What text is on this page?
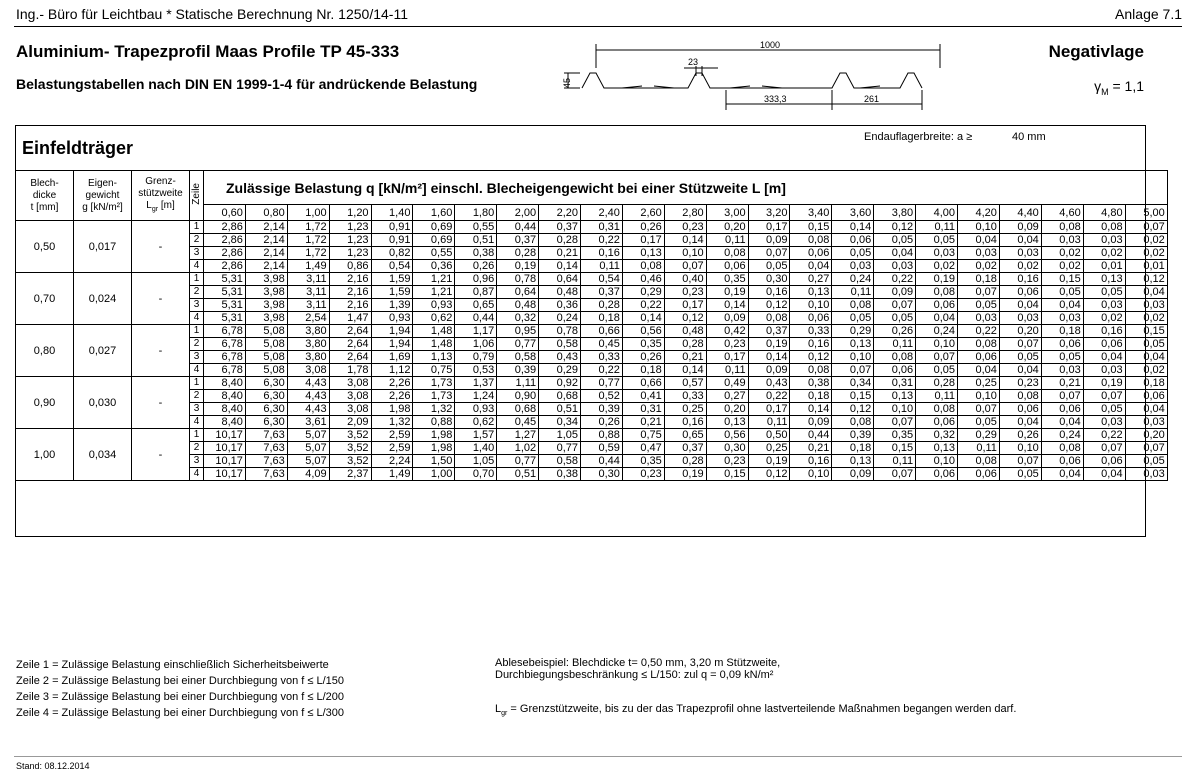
Ing.- Büro für Leichtbau * Statische Berechnung Nr. 1250/14-11	Anlage 7.1
Aluminium- Trapezprofil Maas Profile TP 45-333
Belastungstabellen nach DIN EN 1999-1-4 für andrückende Belastung
Negativlage
$\gamma_M = 1,1$
1000
23
45
333,3	261
Einfeldträger
Endauflagerbreite: a ≥	40 mm
Blech-
dicke
t [mm]	Eigen-
gewicht
g [kN/m²]	Grenz-
stützweite
$L_{gr}$ [m]	Zeile	Zulässige Belastung q [kN/m²] einschl. Blecheigengewicht bei einer Stützweite L [m]																						
				0,60	0,80	1,00	1,20	1,40	1,60	1,80	2,00	2,20	2,40	2,60	2,80	3,00	3,20	3,40	3,60	3,80	4,00	4,20	4,40	4,60	4,80	5,00
0,50	0,017	-	1	2,86	2,14	1,72	1,23	0,91	0,69	0,55	0,44	0,37	0,31	0,26	0,23	0,20	0,17	0,15	0,14	0,12	0,11	0,10	0,09	0,08	0,08	0,07
			2	2,86	2,14	1,72	1,23	0,91	0,69	0,51	0,37	0,28	0,22	0,17	0,14	0,11	0,09	0,08	0,06	0,05	0,05	0,04	0,04	0,03	0,03	0,02
			3	2,86	2,14	1,72	1,23	0,82	0,55	0,38	0,28	0,21	0,16	0,13	0,10	0,08	0,07	0,06	0,05	0,04	0,03	0,03	0,03	0,02	0,02	0,02
			4	2,86	2,14	1,49	0,86	0,54	0,36	0,26	0,19	0,14	0,11	0,08	0,07	0,06	0,05	0,04	0,03	0,03	0,02	0,02	0,02	0,02	0,01	0,01
0,70	0,024	-	1	5,31	3,98	3,11	2,16	1,59	1,21	0,96	0,78	0,64	0,54	0,46	0,40	0,35	0,30	0,27	0,24	0,22	0,19	0,18	0,16	0,15	0,13	0,12
			2	5,31	3,98	3,11	2,16	1,59	1,21	0,87	0,64	0,48	0,37	0,29	0,23	0,19	0,16	0,13	0,11	0,09	0,08	0,07	0,06	0,05	0,05	0,04
			3	5,31	3,98	3,11	2,16	1,39	0,93	0,65	0,48	0,36	0,28	0,22	0,17	0,14	0,12	0,10	0,08	0,07	0,06	0,05	0,04	0,04	0,03	0,03
			4	5,31	3,98	2,54	1,47	0,93	0,62	0,44	0,32	0,24	0,18	0,14	0,12	0,09	0,08	0,06	0,05	0,05	0,04	0,03	0,03	0,03	0,02	0,02
0,80	0,027	-	1	6,78	5,08	3,80	2,64	1,94	1,48	1,17	0,95	0,78	0,66	0,56	0,48	0,42	0,37	0,33	0,29	0,26	0,24	0,22	0,20	0,18	0,16	0,15
			2	6,78	5,08	3,80	2,64	1,94	1,48	1,06	0,77	0,58	0,45	0,35	0,28	0,23	0,19	0,16	0,13	0,11	0,10	0,08	0,07	0,06	0,06	0,05
			3	6,78	5,08	3,80	2,64	1,69	1,13	0,79	0,58	0,43	0,33	0,26	0,21	0,17	0,14	0,12	0,10	0,08	0,07	0,06	0,05	0,05	0,04	0,04
			4	6,78	5,08	3,08	1,78	1,12	0,75	0,53	0,39	0,29	0,22	0,18	0,14	0,11	0,09	0,08	0,07	0,06	0,05	0,04	0,04	0,03	0,03	0,02
0,90	0,030	-	1	8,40	6,30	4,43	3,08	2,26	1,73	1,37	1,11	0,92	0,77	0,66	0,57	0,49	0,43	0,38	0,34	0,31	0,28	0,25	0,23	0,21	0,19	0,18
			2	8,40	6,30	4,43	3,08	2,26	1,73	1,24	0,90	0,68	0,52	0,41	0,33	0,27	0,22	0,18	0,15	0,13	0,11	0,10	0,08	0,07	0,07	0,06
			3	8,40	6,30	4,43	3,08	1,98	1,32	0,93	0,68	0,51	0,39	0,31	0,25	0,20	0,17	0,14	0,12	0,10	0,08	0,07	0,06	0,06	0,05	0,04
			4	8,40	6,30	3,61	2,09	1,32	0,88	0,62	0,45	0,34	0,26	0,21	0,16	0,13	0,11	0,09	0,08	0,07	0,06	0,05	0,04	0,04	0,03	0,03
1,00	0,034	-	1	10,17	7,63	5,07	3,52	2,59	1,98	1,57	1,27	1,05	0,88	0,75	0,65	0,56	0,50	0,44	0,39	0,35	0,32	0,29	0,26	0,24	0,22	0,20
			2	10,17	7,63	5,07	3,52	2,59	1,98	1,40	1,02	0,77	0,59	0,47	0,37	0,30	0,25	0,21	0,18	0,15	0,13	0,11	0,10	0,08	0,07	0,07
			3	10,17	7,63	5,07	3,52	2,24	1,50	1,05	0,77	0,58	0,44	0,35	0,28	0,23	0,19	0,16	0,13	0,11	0,10	0,08	0,07	0,06	0,06	0,05
			4	10,17	7,63	4,09	2,37	1,49	1,00	0,70	0,51	0,38	0,30	0,23	0,19	0,15	0,12	0,10	0,09	0,07	0,06	0,06	0,05	0,04	0,04	0,03
Zeile 1 = Zulässige Belastung einschließlich Sicherheitsbeiwerte
Zeile 2 = Zulässige Belastung bei einer Durchbiegung von f ≤ L/150
Zeile 3 = Zulässige Belastung bei einer Durchbiegung von f ≤ L/200
Zeile 4 = Zulässige Belastung bei einer Durchbiegung von f ≤ L/300
Ablesebeispiel: Blechdicke t= 0,50 mm, 3,20 m Stützweite,
Durchbiegungsbeschränkung ≤ L/150: zul q = 0,09 kN/m²
$L_{gr}$ = Grenzstützweite, bis zu der das Trapezprofil ohne lastverteilende Maßnahmen begangen werden darf.
Stand: 08.12.2014
